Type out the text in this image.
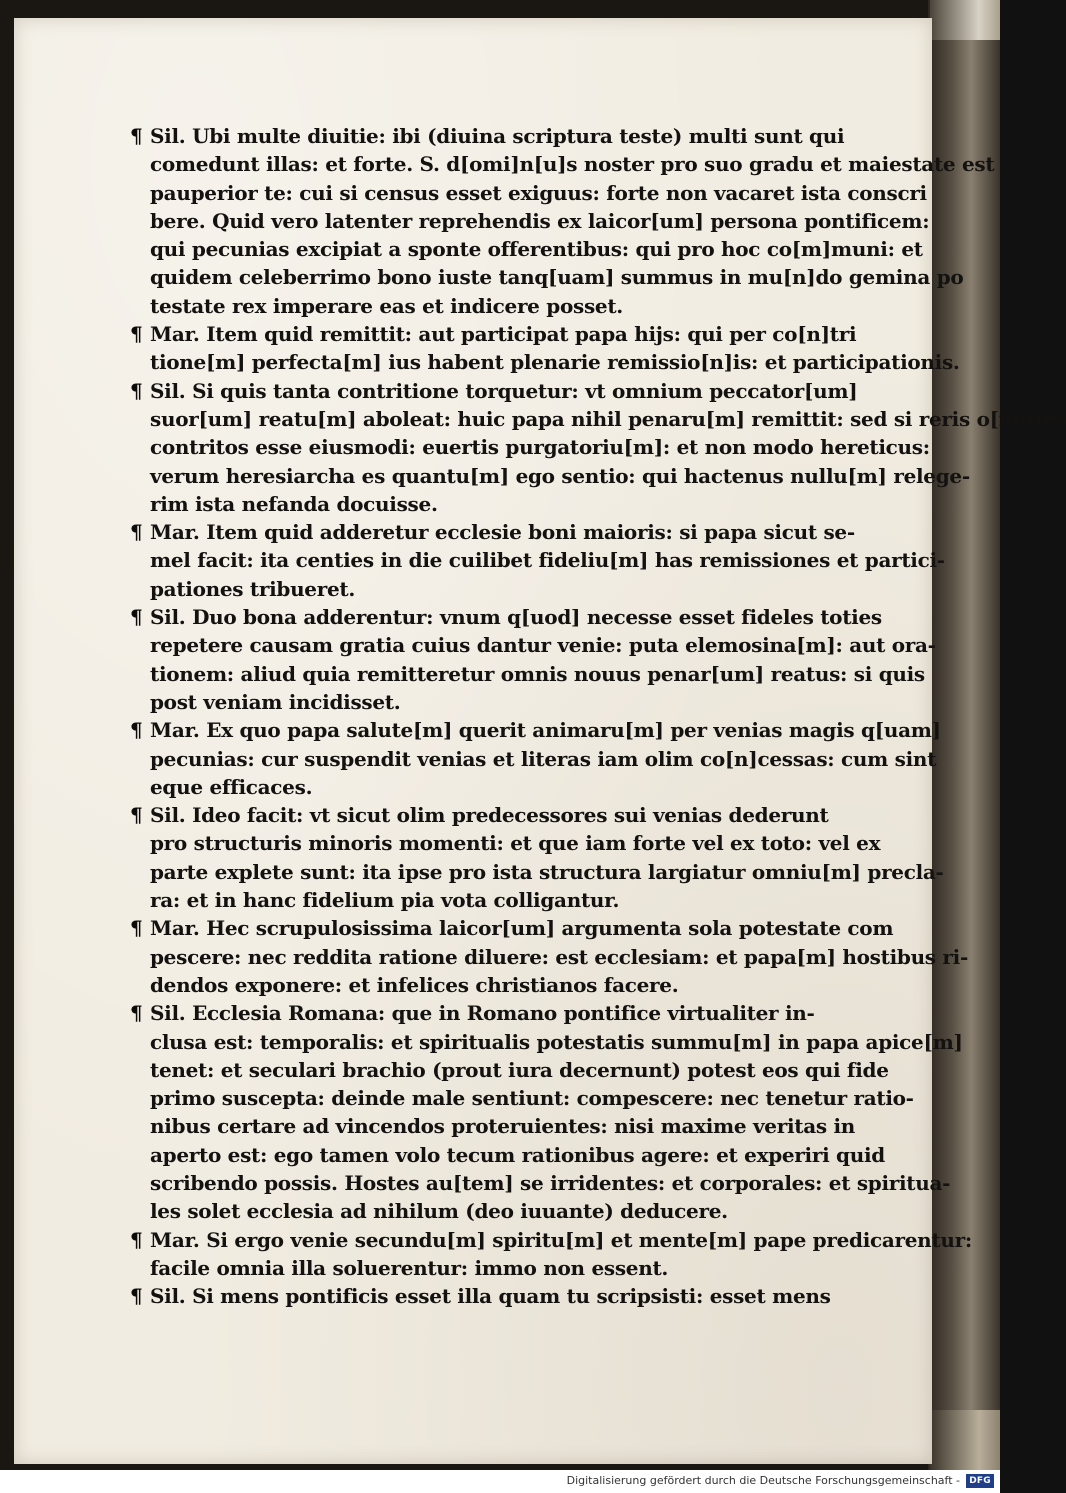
¶ Sil. Ubi multe diuitie: ibi (diuina scriptura teste) multi sunt qui
comedunt illas: et forte. S. d[omi]n[u]s noster pro suo gradu et maiestate est
pauperior te: cui si census esset exiguus: forte non vacaret ista conscri
bere. Quid vero latenter reprehendis ex laicor[um] persona pontificem:
qui pecunias excipiat a sponte offerentibus: qui pro hoc co[m]muni: et
quidem celeberrimo bono iuste tanq[uam] summus in mu[n]do gemina po
testate rex imperare eas et indicere posset.
¶ Mar. Item quid remittit: aut participat papa hijs: qui per co[n]tri
tione[m] perfecta[m] ius habent plenarie remissio[n]is: et participationis.
¶ Sil. Si quis tanta contritione torquetur: vt omnium peccator[um]
suor[um] reatu[m] aboleat: huic papa nihil penaru[m] remittit: sed si reris o[mn]es
contritos esse eiusmodi: euertis purgatoriu[m]: et non modo hereticus:
verum heresiarcha es quantu[m] ego sentio: qui hactenus nullu[m] relege-
rim ista nefanda docuisse.
¶ Mar. Item quid adderetur ecclesie boni maioris: si papa sicut se-
mel facit: ita centies in die cuilibet fideliu[m] has remissiones et partici-
pationes tribueret.
¶ Sil. Duo bona adderentur: vnum q[uod] necesse esset fideles toties
repetere causam gratia cuius dantur venie: puta elemosina[m]: aut ora-
tionem: aliud quia remitteretur omnis nouus penar[um] reatus: si quis
post veniam incidisset.
¶ Mar. Ex quo papa salute[m] querit animaru[m] per venias magis q[uam]
pecunias: cur suspendit venias et literas iam olim co[n]cessas: cum sint
eque efficaces.
¶ Sil. Ideo facit: vt sicut olim predecessores sui venias dederunt
pro structuris minoris momenti: et que iam forte vel ex toto: vel ex
parte explete sunt: ita ipse pro ista structura largiatur omniu[m] precla-
ra: et in hanc fidelium pia vota colligantur.
¶ Mar. Hec scrupulosissima laicor[um] argumenta sola potestate com
pescere: nec reddita ratione diluere: est ecclesiam: et papa[m] hostibus ri-
dendos exponere: et infelices christianos facere.
¶ Sil. Ecclesia Romana: que in Romano pontifice virtualiter in-
clusa est: temporalis: et spiritualis potestatis summu[m] in papa apice[m]
tenet: et seculari brachio (prout iura decernunt) potest eos qui fide
primo suscepta: deinde male sentiunt: compescere: nec tenetur ratio-
nibus certare ad vincendos proteruientes: nisi maxime veritas in
aperto est: ego tamen volo tecum rationibus agere: et experiri quid
scribendo possis. Hostes au[tem] se irridentes: et corporales: et spiritua-
les solet ecclesia ad nihilum (deo iuuante) deducere.
¶ Mar. Si ergo venie secundu[m] spiritu[m] et mente[m] pape predicarentur:
facile omnia illa soluerentur: immo non essent.
¶ Sil. Si mens pontificis esset illa quam tu scripsisti: esset mens
Digitalisierung gefördert durch die Deutsche Forschungsgemeinschaft -	DFG
